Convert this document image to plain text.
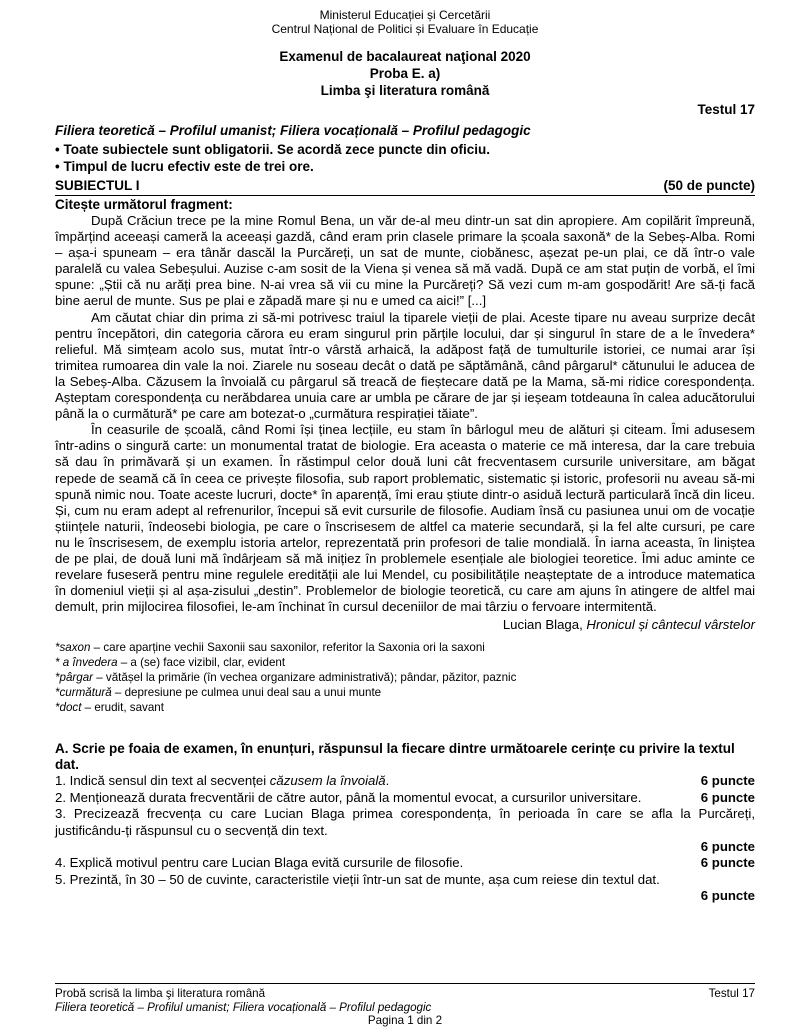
Ministerul Educației și Cercetării
Centrul Național de Politici și Evaluare în Educație
Examenul de bacalaureat naţional 2020
Proba E. a)
Limba şi literatura română
Testul 17
Filiera teoretică – Profilul umanist; Filiera vocațională – Profilul pedagogic
• Toate subiectele sunt obligatorii. Se acordă zece puncte din oficiu.
• Timpul de lucru efectiv este de trei ore.
SUBIECTUL I	(50 de puncte)
Citește următorul fragment:

După Crăciun trece pe la mine Romul Bena, un văr de-al meu dintr-un sat din apropiere. Am copilărit împreună, împărțind aceeași cameră la aceeași gazdă, când eram prin clasele primare la școala saxonă* de la Sebeș-Alba. Romi – așa-i spuneam – era tânăr dascăl la Purcăreți, un sat de munte, ciobănesc, așezat pe-un plai, ce dă într-o vale paralelă cu valea Sebeșului. Auzise c-am sosit de la Viena și venea să mă vadă. După ce am stat puțin de vorbă, el îmi spune: „Știi că nu arăți prea bine. N-ai vrea să vii cu mine la Purcăreți? Să vezi cum m-am gospodărit! Are să-ți facă bine aerul de munte. Sus pe plai e zăpadă mare și nu e umed ca aici!” [...]

Am căutat chiar din prima zi să-mi potrivesc traiul la tiparele vieții de plai. Aceste tipare nu aveau surprize decât pentru începători, din categoria cărora eu eram singurul prin părțile locului, dar și singurul în stare de a le învedera* relieful. Mă simțeam acolo sus, mutat într-o vârstă arhaică, la adăpost față de tumulturile istoriei, ce numai arar își trimitea rumoarea din vale la noi. Ziarele nu soseau decât o dată pe săptămână, când pârgarul* cătunului le aducea de la Sebeș-Alba. Căzusem la învoială cu pârgarul să treacă de fieștecare dată pe la Mama, să-mi ridice corespondența. Așteptam corespondența cu nerăbdarea unuia care ar umbla pe cărare de jar și ieșeam totdeauna în calea aducătorului până la o curmătură* pe care am botezat-o „curmătura respirației tăiate”.

În ceasurile de școală, când Romi își ținea lecțiile, eu stam în bârlogul meu de alături și citeam. Îmi adusesem într-adins o singură carte: un monumental tratat de biologie. Era aceasta o materie ce mă interesa, dar la care trebuia să dau în primăvară și un examen. În răstimpul celor două luni cât frecventasem cursurile universitare, am băgat repede de seamă că în ceea ce privește filosofia, sub raport problematic, sistematic și istoric, profesorii nu aveau să-mi spună nimic nou. Toate aceste lucruri, docte* în aparență, îmi erau știute dintr-o asiduă lectură particulară încă din liceu. Și, cum nu eram adept al refrenurilor, începui să evit cursurile de filosofie. Audiam însă cu pasiunea unui om de vocație științele naturii, îndeosebi biologia, pe care o înscrisesem de altfel ca materie secundară, și la fel alte cursuri, pe care nu le înscrisesem, de exemplu istoria artelor, reprezentată prin profesori de talie mondială. În iarna aceasta, în liniștea de pe plai, de două luni mă îndârjeam să mă inițiez în problemele esențiale ale biologiei teoretice. Îmi aduc aminte ce revelare fuseseră pentru mine regulele eredității ale lui Mendel, cu posibilitățile neașteptate de a introduce matematica în domeniul vieții și al așa-zisului „destin”. Problemelor de biologie teoretică, cu care am ajuns în atingere de altfel mai demult, prin mijlocirea filosofiei, le-am închinat în cursul deceniilor de mai târziu o fervoare intermitentă.

Lucian Blaga, Hronicul și cântecul vârstelor
*saxon – care aparține vechii Saxonii sau saxonilor, referitor la Saxonia ori la saxoni
* a învedera – a (se) face vizibil, clar, evident
*pârgar – vătășel la primărie (în vechea organizare administrativă); pândar, păzitor, paznic
*curmătură – depresiune pe culmea unui deal sau a unui munte
*doct – erudit, savant
A. Scrie pe foaia de examen, în enunțuri, răspunsul la fiecare dintre următoarele cerințe cu privire la textul dat.
1. Indică sensul din text al secvenței căzusem la învoială.	6 puncte
2. Menționează durata frecventării de către autor, până la momentul evocat, a cursurilor universitare.	6 puncte
3. Precizează frecvența cu care Lucian Blaga primea corespondența, în perioada în care se afla la Purcăreți, justificându-ți răspunsul cu o secvență din text.
6 puncte
4. Explică motivul pentru care Lucian Blaga evită cursurile de filosofie.	6 puncte
5. Prezintă, în 30 – 50 de cuvinte, caracteristile vieții într-un sat de munte, așa cum reiese din textul dat.
6 puncte
Probă scrisă la limba şi literatura română	Testul 17
Filiera teoretică – Profilul umanist; Filiera vocațională – Profilul pedagogic
Pagina 1 din 2
